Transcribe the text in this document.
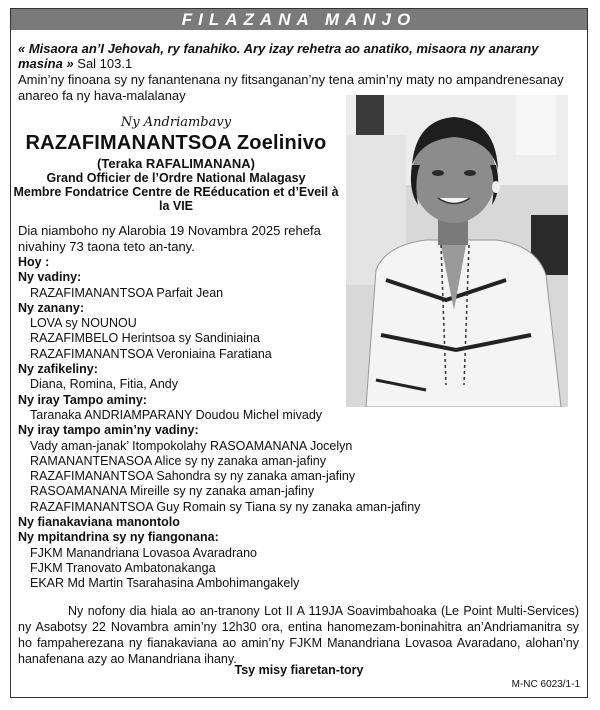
FILAZANA MANJO
« Misaora an’I Jehovah, ry fanahiko. Ary izay rehetra ao anatiko, misaora ny anarany masina » Sal 103.1
Amin’ny finoana sy ny fanantenana ny fitsanganan’ny tena amin’ny maty no ampandrenesanay anareo fa ny hava-malalanay
Ny Andriambavy
RAZAFIMANANTSOA Zoelinivo
(Teraka RAFALIMANANA)
Grand Officier de l’Ordre National Malagasy
Membre Fondatrice Centre de REéducation et d’Eveil à la VIE
Dia niamboho ny Alarobia 19 Novambra 2025 rehefa nivahiny 73 taona teto an-tany.
Hoy :
Ny vadiny:
RAZAFIMANANTSOA Parfait Jean
Ny zanany:
LOVA sy NOUNOU
RAZAFIMBELO Herintsoa sy Sandiniaina
RAZAFIMANANTSOA Veroniaina Faratiana
Ny zafikeliny:
Diana, Romina, Fitia, Andy
Ny iray Tampo aminy:
Taranaka ANDRIAMPARANY Doudou Michel mivady
Ny iray tampo amin’ny vadiny:
Vady aman-janak’ Itompokolahy RASOAMANANA Jocelyn
RAMANANTENASOA Alice sy ny zanaka aman-jafiny
RAZAFIMANANTSOA Sahondra sy ny zanaka aman-jafiny
RASOAMANANA Mireille sy ny zanaka aman-jafiny
RAZAFIMANANTSOA Guy Romain sy Tiana sy ny zanaka aman-jafiny
Ny fianakaviana manontolo
Ny mpitandrina sy ny fiangonana:
FJKM Manandriana Lovasoa Avaradrano
FJKM Tranovato Ambatonakanga
EKAR Md Martin Tsarahasina Ambohimangakely
Ny nofony dia hiala ao an-tranony Lot II A 119JA Soavimbahoaka (Le Point Multi-Services) ny Asabotsy 22 Novambra amin’ny 12h30 ora, entina hanomezam-boninahitra an’Andriamanitra sy ho fampaherezana ny fianakaviana ao amin’ny FJKM Manandriana Lovasoa Avaradano, alohan’ny hanafenana azy ao Manandriana ihany.
Tsy misy fiaretan-tory
M-NC 6023/1-1
